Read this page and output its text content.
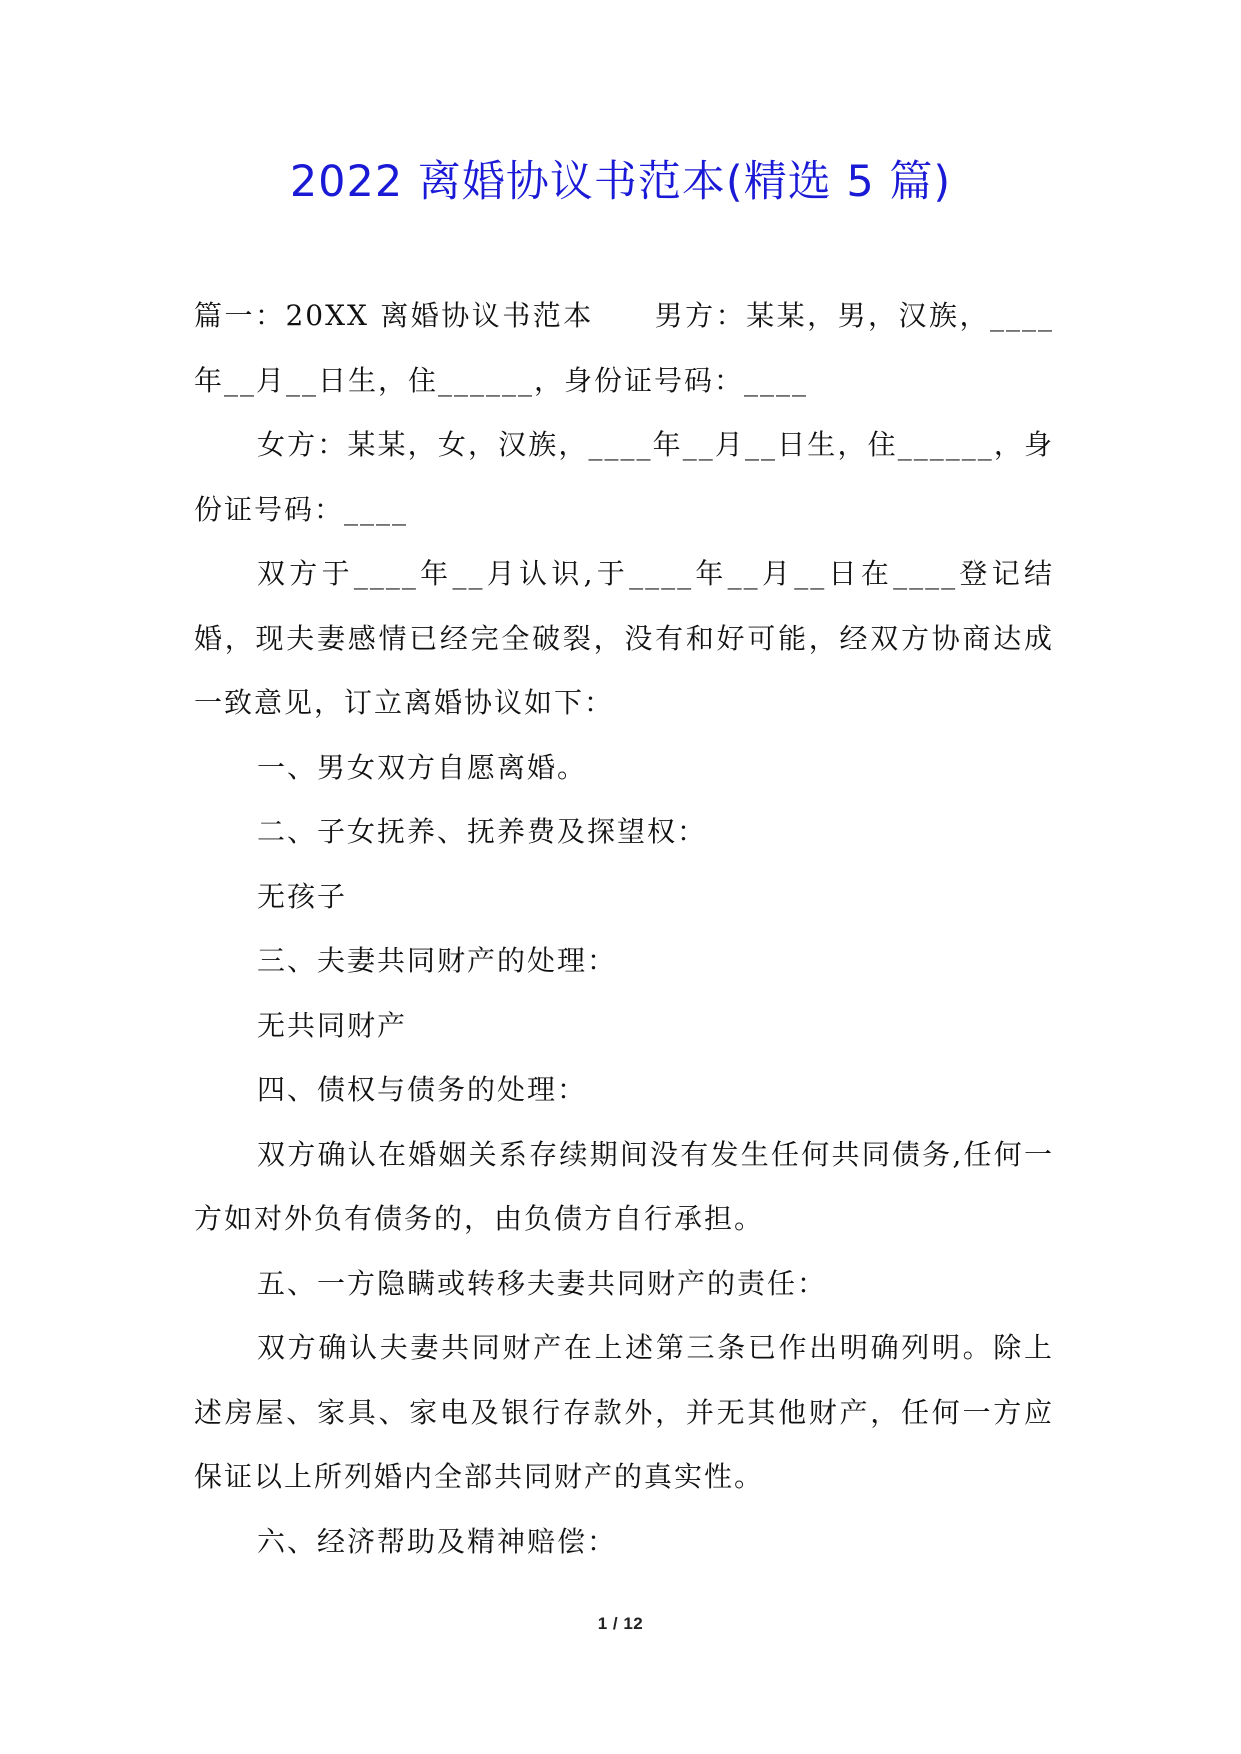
2022 离婚协议书范本(精选 5 篇)

篇一：20XX 离婚协议书范本　　男方：某某，男，汉族，____年__月__日生，住______，身份证号码：____

女方：某某，女，汉族，____年__月__日生，住______，身份证号码：____

双方于____年__月认识,于____年__月__日在____登记结婚，现夫妻感情已经完全破裂，没有和好可能，经双方协商达成一致意见，订立离婚协议如下：

一、男女双方自愿离婚。

二、子女抚养、抚养费及探望权：

无孩子

三、夫妻共同财产的处理：

无共同财产

四、债权与债务的处理：

双方确认在婚姻关系存续期间没有发生任何共同债务,任何一方如对外负有债务的，由负债方自行承担。

五、一方隐瞒或转移夫妻共同财产的责任：

双方确认夫妻共同财产在上述第三条已作出明确列明。除上述房屋、家具、家电及银行存款外，并无其他财产，任何一方应保证以上所列婚内全部共同财产的真实性。

六、经济帮助及精神赔偿：

1 / 12
